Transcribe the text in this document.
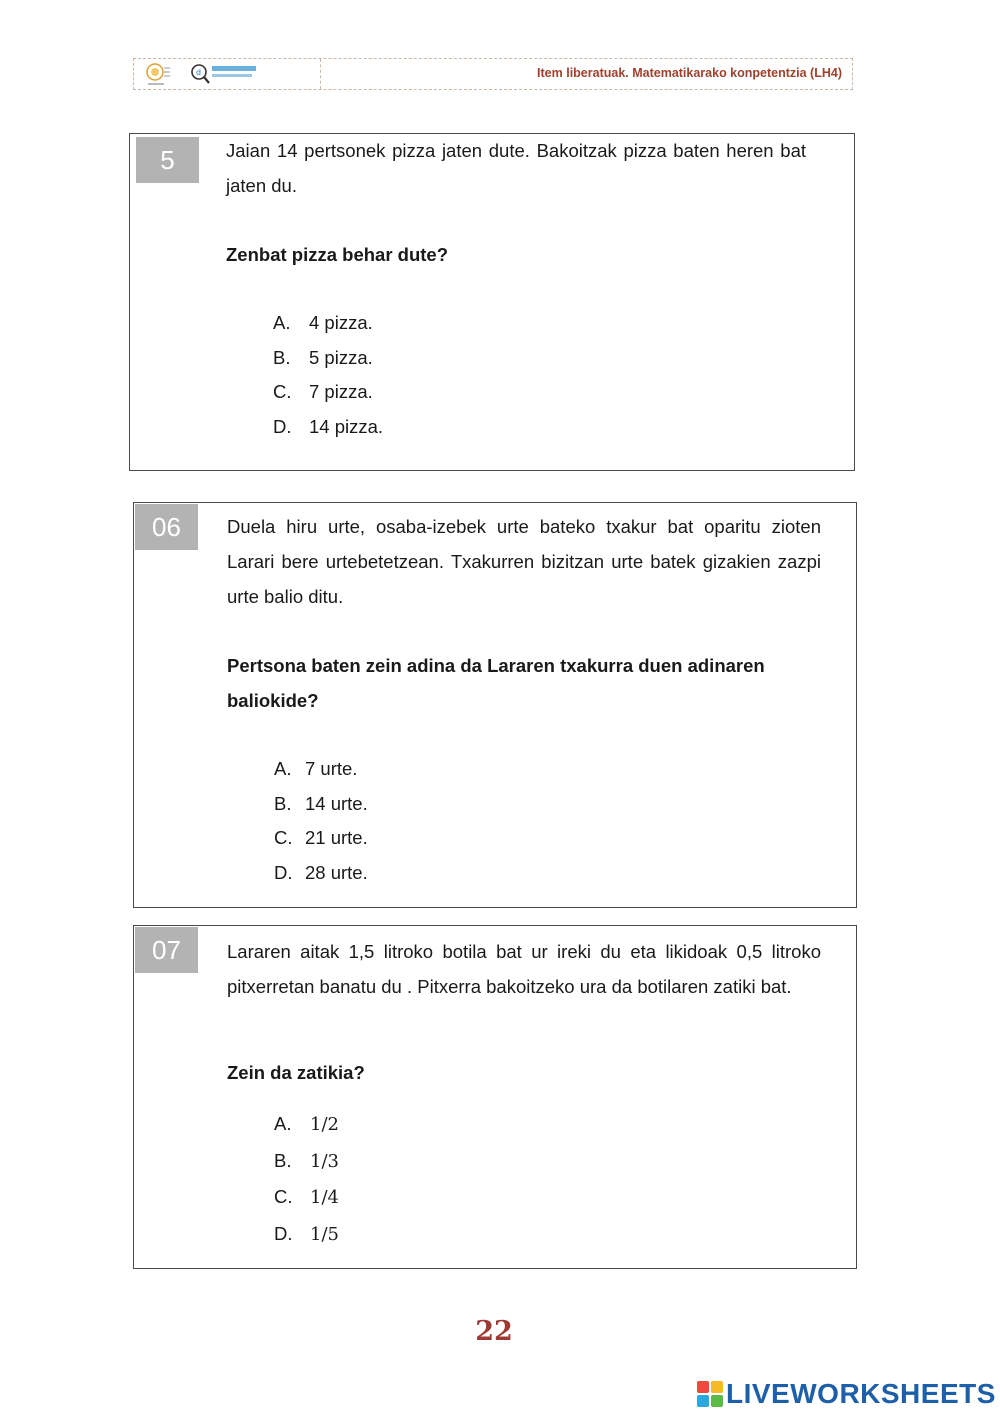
d	Item liberatuak. Matematikarako konpetentzia (LH4)
5	Jaian 14 pertsonek pizza jaten dute. Bakoitzak pizza baten heren bat jaten du.
Zenbat pizza behar dute?
A. 4 pizza.
B. 5 pizza.
C. 7 pizza.
D. 14 pizza.
06	Duela hiru urte, osaba-izebek urte bateko txakur bat oparitu zioten Larari bere urtebetetzean. Txakurren bizitzan urte batek gizakien zazpi urte balio ditu.
Pertsona baten zein adina da Lararen txakurra duen adinaren baliokide?
A. 7 urte.
B. 14 urte.
C. 21 urte.
D. 28 urte.
07	Lararen aitak 1,5 litroko botila bat ur ireki du eta likidoak 0,5 litroko pitxerretan banatu du . Pitxerra bakoitzeko ura da botilaren zatiki bat.
Zein da zatikia?
A. 1/2
B. 1/3
C. 1/4
D. 1/5
22
LIVEWORKSHEETS
